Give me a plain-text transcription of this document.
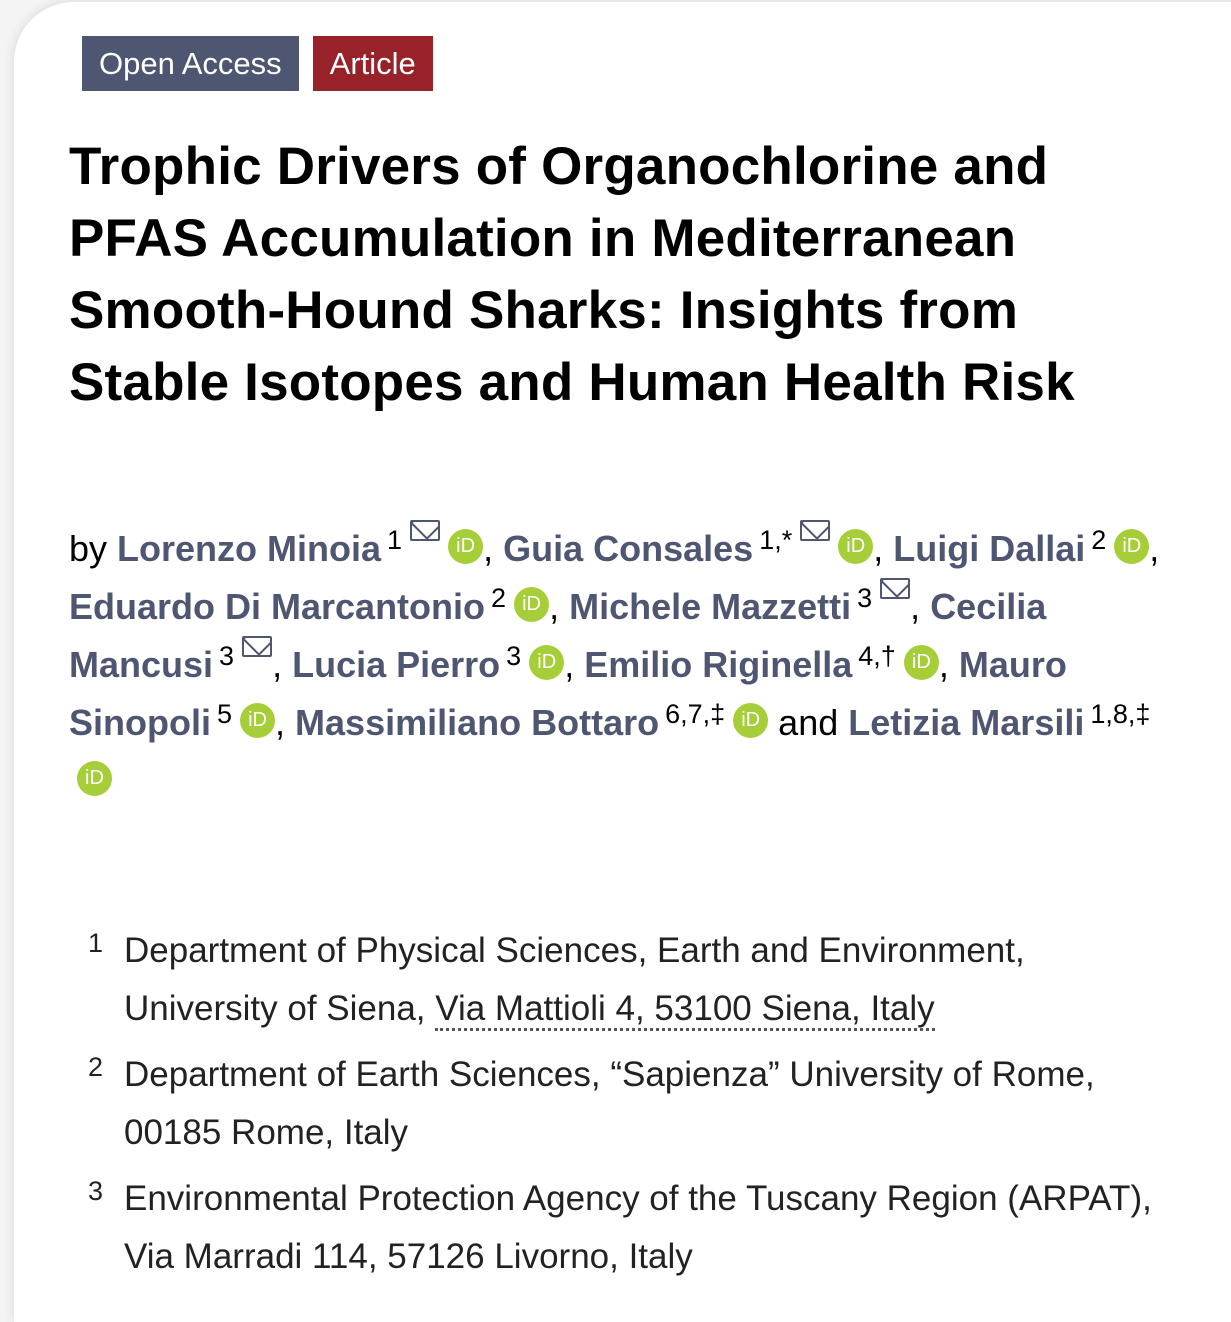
Open Access	Article
Trophic Drivers of Organochlorine and PFAS Accumulation in Mediterranean Smooth-Hound Sharks: Insights from Stable Isotopes and Human Health Risk
by Lorenzo Minoia $^1$	iD , Guia Consales $^{1,*}$	iD , Luigi Dallai $^2$ iD , Eduardo Di Marcantonio $^2$ iD , Michele Mazzetti $^3$ , Cecilia Mancusi $^3$ , Lucia Pierro $^3$ iD , Emilio Riginella $^{4,\dagger}$ iD , Mauro Sinopoli $^5$ iD , Massimiliano Bottaro $^{6,7,\ddagger}$ iD and Letizia Marsili $^{1,8,\ddagger}$iD
1 Department of Physical Sciences, Earth and Environment, University of Siena, Via Mattioli 4, 53100 Siena, Italy
2 Department of Earth Sciences, “Sapienza” University of Rome, 00185 Rome, Italy
3 Environmental Protection Agency of the Tuscany Region (ARPAT), Via Marradi 114, 57126 Livorno, Italy
